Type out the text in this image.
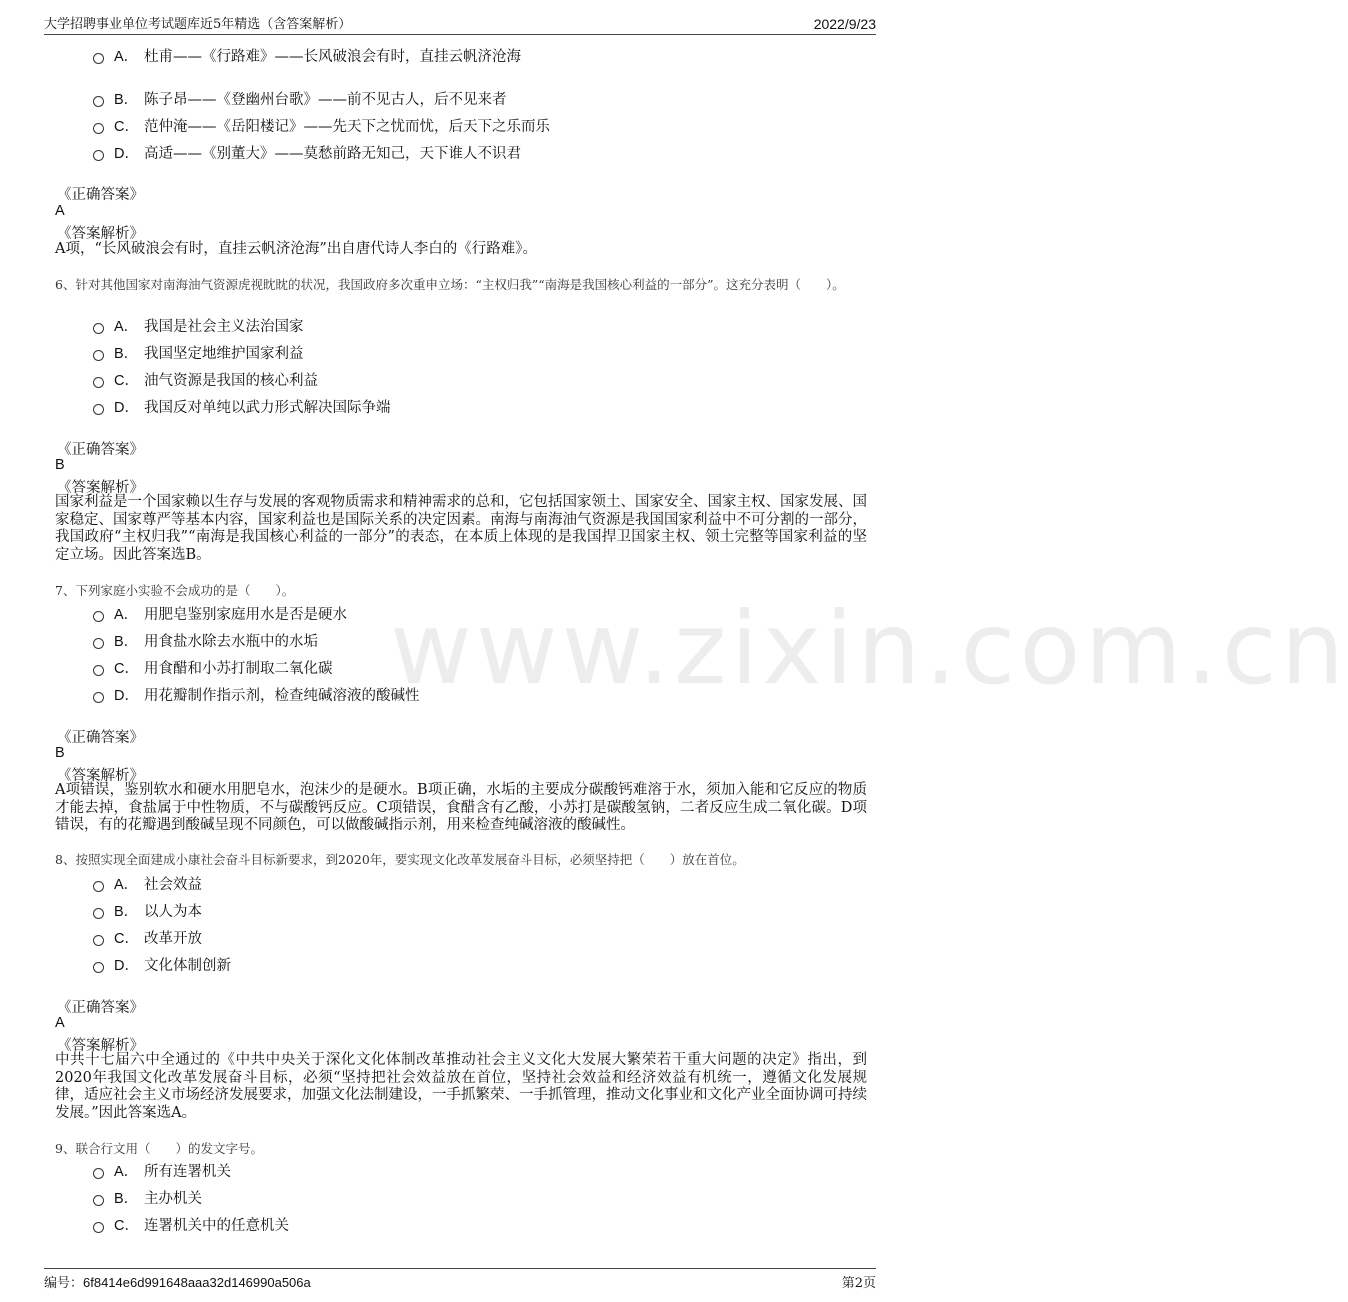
大学招聘事业单位考试题库近5年精选（含答案解析）	2022/9/23
www.zixin.com.cn
A． 杜甫——《行路难》——长风破浪会有时，直挂云帆济沧海
B． 陈子昂——《登幽州台歌》——前不见古人，后不见来者
C． 范仲淹——《岳阳楼记》——先天下之忧而忧，后天下之乐而乐
D． 高适——《别董大》——莫愁前路无知己，天下谁人不识君
《正确答案》
A
《答案解析》
A项，“长风破浪会有时，直挂云帆济沧海”出自唐代诗人李白的《行路难》。
6、针对其他国家对南海油气资源虎视眈眈的状况，我国政府多次重申立场：“主权归我”“南海是我国核心利益的一部分”。这充分表明（　　）。
A． 我国是社会主义法治国家
B． 我国坚定地维护国家利益
C． 油气资源是我国的核心利益
D． 我国反对单纯以武力形式解决国际争端
《正确答案》
B
《答案解析》
国家利益是一个国家赖以生存与发展的客观物质需求和精神需求的总和，它包括国家领土、国家安全、国家主权、国家发展、国家稳定、国家尊严等基本内容，国家利益也是国际关系的决定因素。南海与南海油气资源是我国国家利益中不可分割的一部分，我国政府“主权归我”“南海是我国核心利益的一部分”的表态，在本质上体现的是我国捍卫国家主权、领土完整等国家利益的坚定立场。因此答案选B。
7、下列家庭小实验不会成功的是（　　）。
A． 用肥皂鉴别家庭用水是否是硬水
B． 用食盐水除去水瓶中的水垢
C． 用食醋和小苏打制取二氧化碳
D． 用花瓣制作指示剂，检查纯碱溶液的酸碱性
《正确答案》
B
《答案解析》
A项错误，鉴别软水和硬水用肥皂水，泡沫少的是硬水。B项正确，水垢的主要成分碳酸钙难溶于水，须加入能和它反应的物质才能去掉，食盐属于中性物质，不与碳酸钙反应。C项错误，食醋含有乙酸，小苏打是碳酸氢钠，二者反应生成二氧化碳。D项错误，有的花瓣遇到酸碱呈现不同颜色，可以做酸碱指示剂，用来检查纯碱溶液的酸碱性。
8、按照实现全面建成小康社会奋斗目标新要求，到2020年，要实现文化改革发展奋斗目标，必须坚持把（　　）放在首位。
A． 社会效益
B． 以人为本
C． 改革开放
D． 文化体制创新
《正确答案》
A
《答案解析》
中共十七届六中全通过的《中共中央关于深化文化体制改革推动社会主义文化大发展大繁荣若干重大问题的决定》指出，到2020年我国文化改革发展奋斗目标，必须“坚持把社会效益放在首位，坚持社会效益和经济效益有机统一，遵循文化发展规律，适应社会主义市场经济发展要求，加强文化法制建设，一手抓繁荣、一手抓管理，推动文化事业和文化产业全面协调可持续发展。”因此答案选A。
9、联合行文用（　　）的发文字号。
A． 所有连署机关
B． 主办机关
C． 连署机关中的任意机关
编号：6f8414e6d991648aaa32d146990a506a	第2页
